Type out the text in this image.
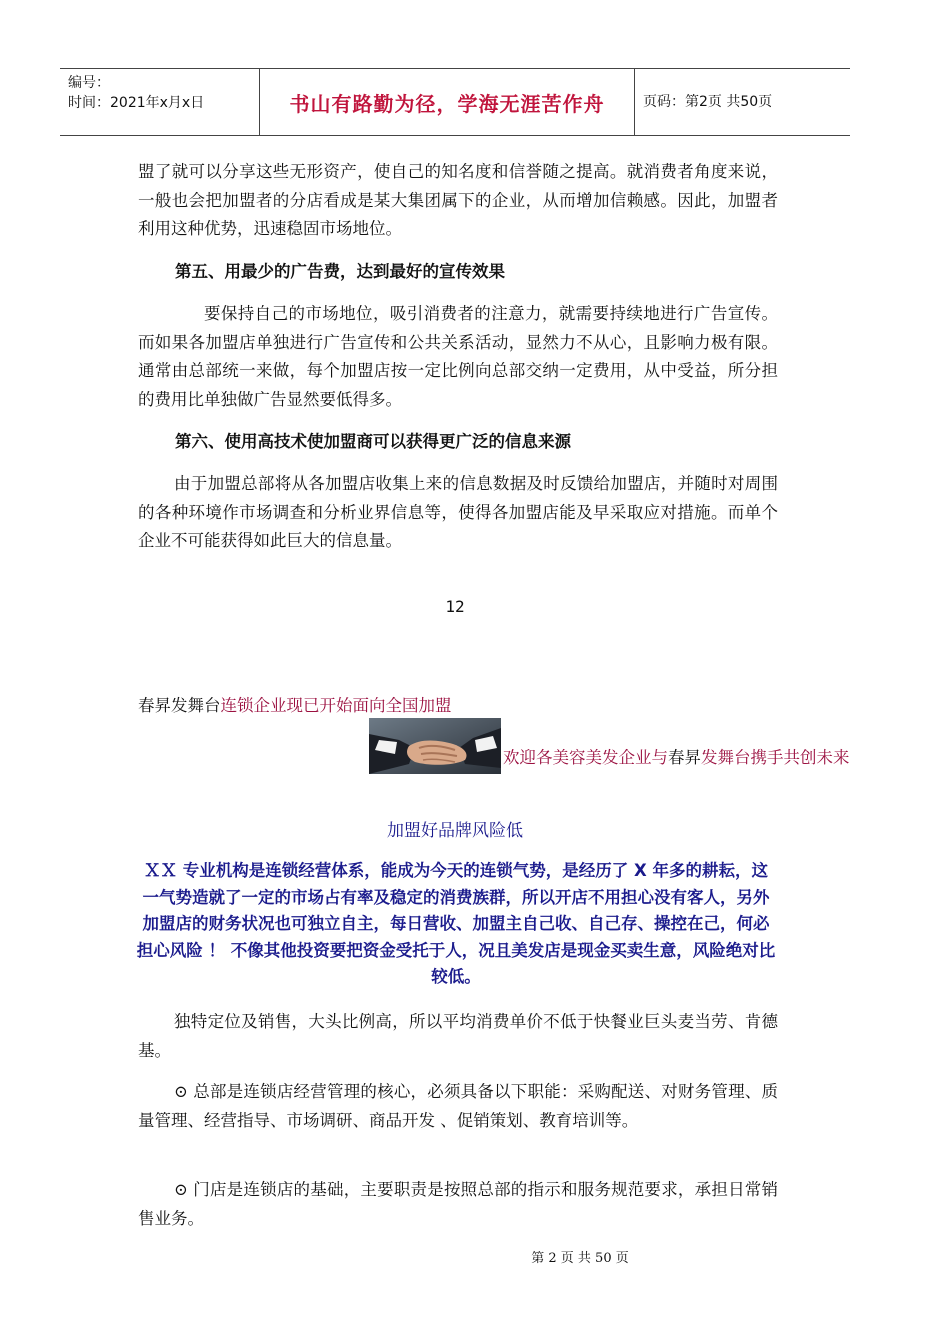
编号：
时间：2021年x月x日	书山有路勤为径，学海无涯苦作舟	页码：第2页 共50页

盟了就可以分享这些无形资产，使自己的知名度和信誉随之提高。就消费者角度来说，一般也会把加盟者的分店看成是某大集团属下的企业，从而增加信赖感。因此，加盟者利用这种优势，迅速稳固市场地位。

第五、用最少的广告费，达到最好的宣传效果

要保持自己的市场地位，吸引消费者的注意力，就需要持续地进行广告宣传。而如果各加盟店单独进行广告宣传和公共关系活动，显然力不从心，且影响力极有限。通常由总部统一来做，每个加盟店按一定比例向总部交纳一定费用，从中受益，所分担的费用比单独做广告显然要低得多。

第六、使用高技术使加盟商可以获得更广泛的信息来源

由于加盟总部将从各加盟店收集上来的信息数据及时反馈给加盟店，并随时对周围的各种环境作市场调查和分析业界信息等，使得各加盟店能及早采取应对措施。而单个企业不可能获得如此巨大的信息量。

12
春昇发舞台连锁企业现已开始面向全国加盟
欢迎各美容美发企业与春昇发舞台携手共创未来
加盟好品牌风险低

ＸＸ 专业机构是连锁经营体系，能成为今天的连锁气势，是经历了 X 年多的耕耘，这一气势造就了一定的市场占有率及稳定的消费族群，所以开店不用担心没有客人，另外加盟店的财务状况也可独立自主，每日营收、加盟主自己收、自己存、操控在己，何必担心风险 ！ 不像其他投资要把资金受托于人，况且美发店是现金买卖生意，风险绝对比较低。

独特定位及销售，大头比例高，所以平均消费单价不低于快餐业巨头麦当劳、肯德基。

⊙ 总部是连锁店经营管理的核心，必须具备以下职能：采购配送、对财务管理、质量管理、经营指导、市场调研、商品开发 、促销策划、教育培训等。

⊙ 门店是连锁店的基础，主要职责是按照总部的指示和服务规范要求，承担日常销售业务。

第 2 页 共 50 页
